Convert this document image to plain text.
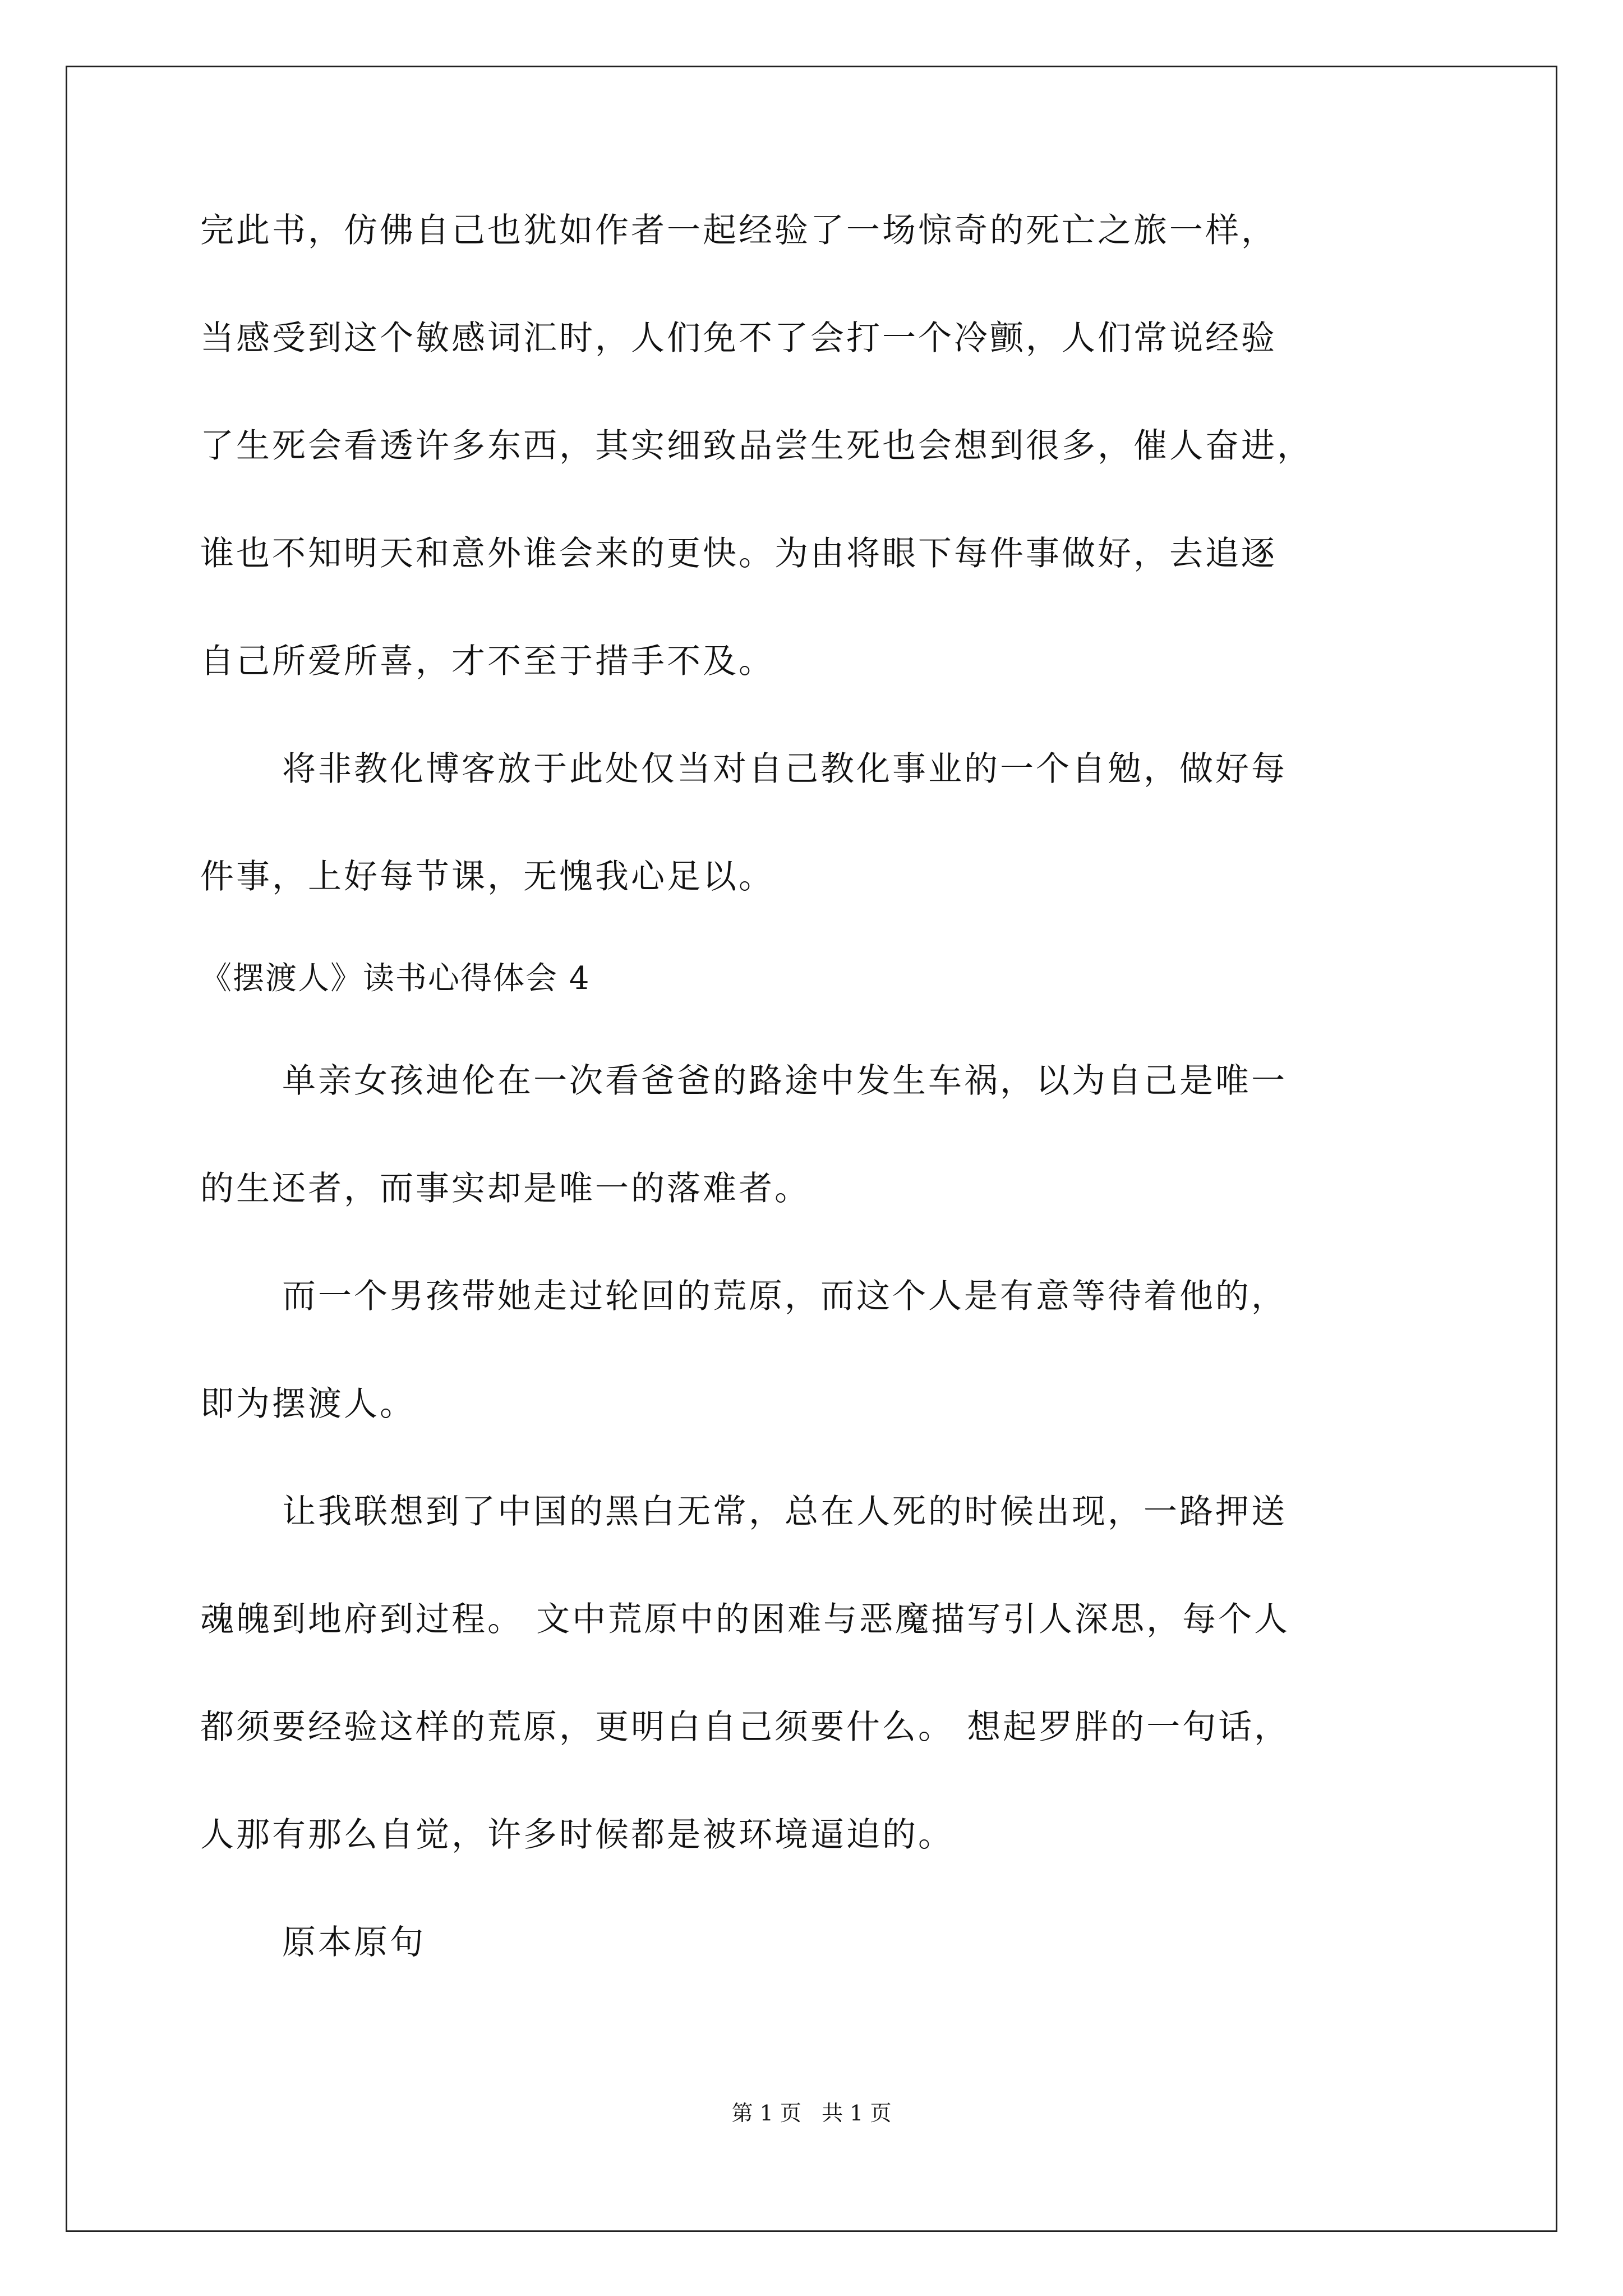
完此书，仿佛自己也犹如作者一起经验了一场惊奇的死亡之旅一样，
当感受到这个敏感词汇时，人们免不了会打一个冷颤，人们常说经验
了生死会看透许多东西，其实细致品尝生死也会想到很多，催人奋进，
谁也不知明天和意外谁会来的更快。为由将眼下每件事做好，去追逐
自己所爱所喜，才不至于措手不及。
将非教化博客放于此处仅当对自己教化事业的一个自勉，做好每
件事，上好每节课，无愧我心足以。
《摆渡人》读书心得体会 4
单亲女孩迪伦在一次看爸爸的路途中发生车祸，以为自己是唯一
的生还者，而事实却是唯一的落难者。
而一个男孩带她走过轮回的荒原，而这个人是有意等待着他的，
即为摆渡人。
让我联想到了中国的黑白无常，总在人死的时候出现，一路押送
魂魄到地府到过程。 文中荒原中的困难与恶魔描写引人深思，每个人
都须要经验这样的荒原，更明白自己须要什么。 想起罗胖的一句话，
人那有那么自觉，许多时候都是被环境逼迫的。
原本原句
第 1 页   共 1 页
